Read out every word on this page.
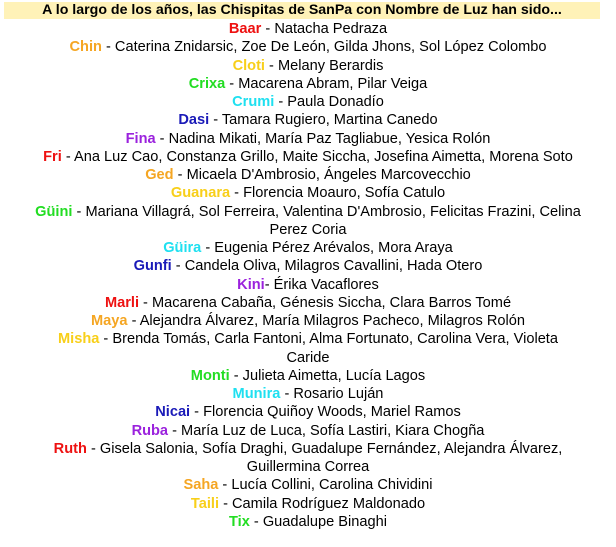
A lo largo de los años, las Chispitas de SanPa con Nombre de Luz han sido...
Baar - Natacha Pedraza
Chin - Caterina Znidarsic, Zoe De León, Gilda Jhons, Sol López Colombo
Cloti - Melany Berardis
Crixa - Macarena Abram, Pilar Veiga
Crumi - Paula Donadío
Dasi - Tamara Rugiero, Martina Canedo
Fina - Nadina Mikati, María Paz Tagliabue, Yesica Rolón
Fri - Ana Luz Cao, Constanza Grillo, Maite Siccha, Josefina Aimetta, Morena Soto
Ged - Micaela D'Ambrosio, Ángeles Marcovecchio
Guanara - Florencia Moauro, Sofía Catulo
Güini - Mariana Villagrá, Sol Ferreira, Valentina D'Ambrosio, Felicitas Frazini, Celina
Perez Coria
Güira - Eugenia Pérez Arévalos, Mora Araya
Gunfi - Candela Oliva, Milagros Cavallini, Hada Otero
Kini- Érika Vacaflores
Marli - Macarena Cabaña, Génesis Siccha, Clara Barros Tomé
Maya - Alejandra Álvarez, María Milagros Pacheco, Milagros Rolón
Misha - Brenda Tomás, Carla Fantoni, Alma Fortunato, Carolina Vera, Violeta
Caride
Monti - Julieta Aimetta, Lucía Lagos
Munira - Rosario Luján
Nicai - Florencia Quiñoy Woods, Mariel Ramos
Ruba - María Luz de Luca, Sofía Lastiri, Kiara Chogña
Ruth - Gisela Salonia, Sofía Draghi, Guadalupe Fernández, Alejandra Álvarez,
Guillermina Correa
Saha - Lucía Collini, Carolina Chividini
Taili - Camila Rodríguez Maldonado
Tix - Guadalupe Binaghi
